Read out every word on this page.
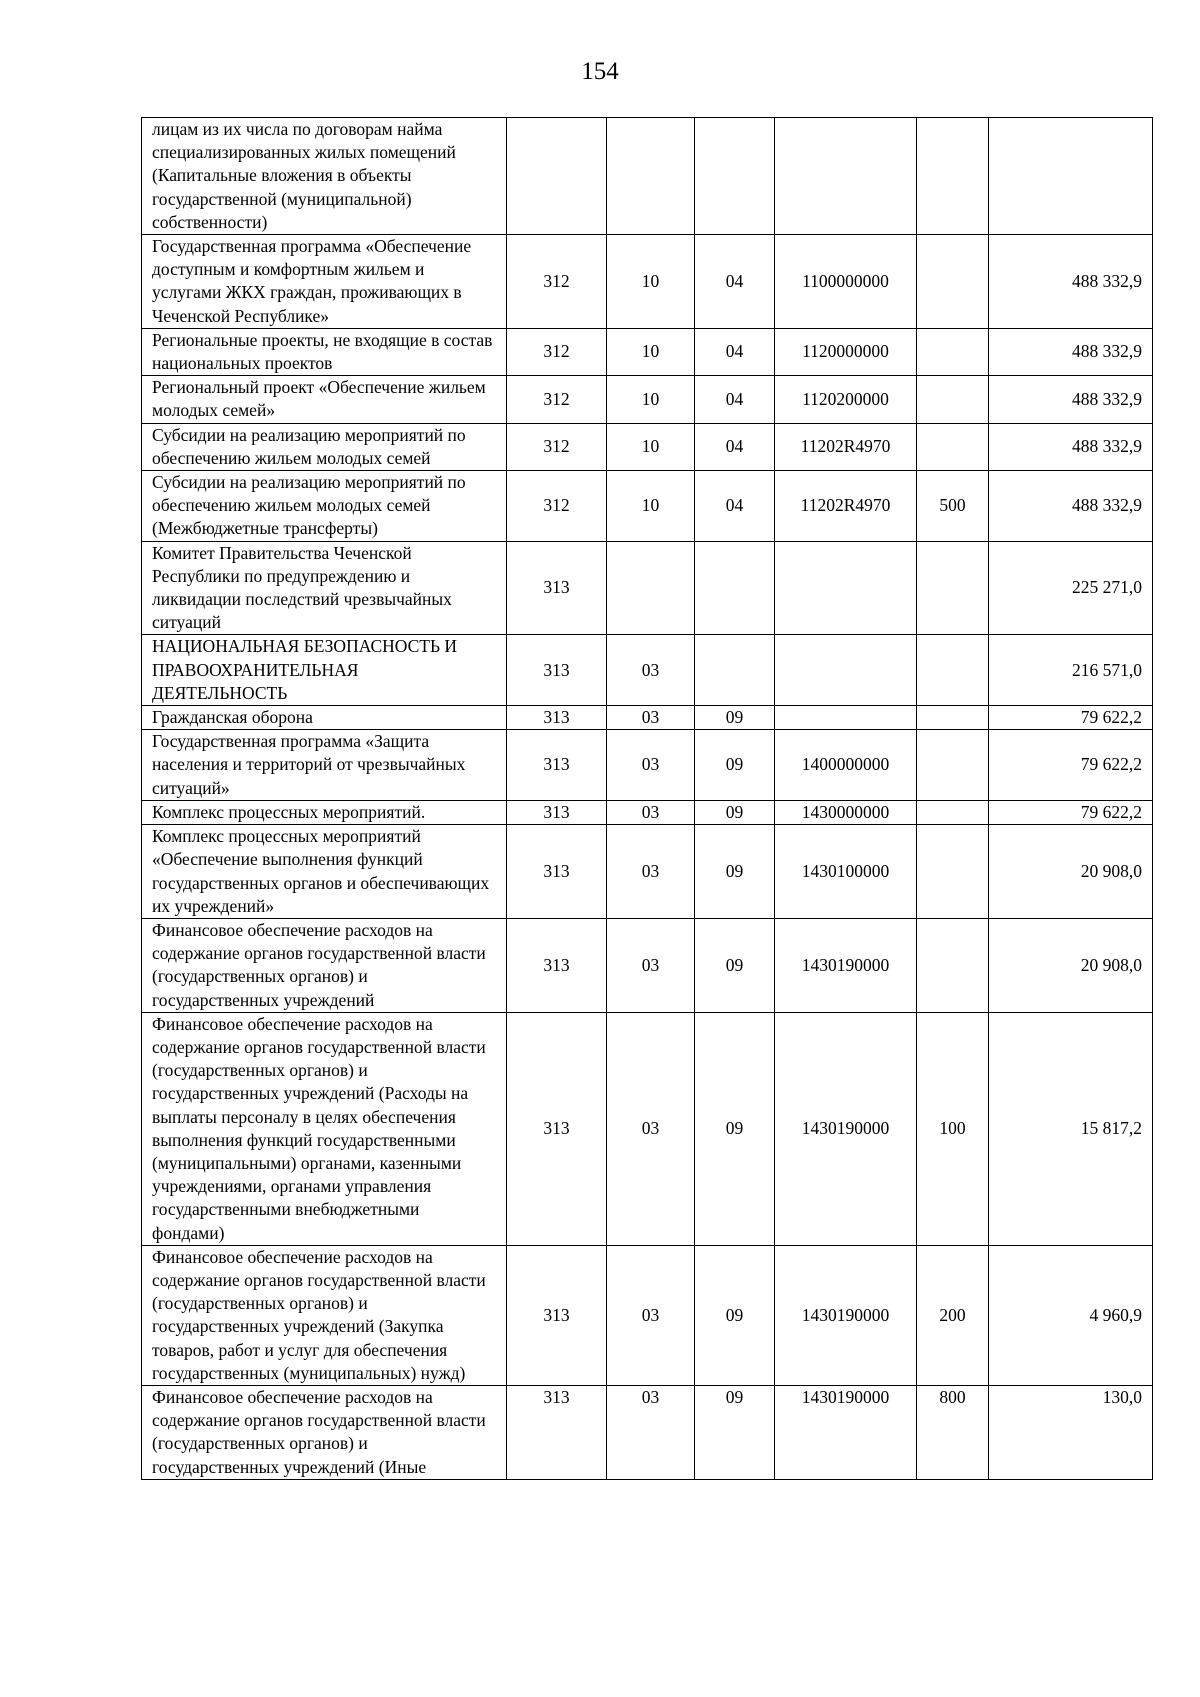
154
лицам из их числа по договорам найма специализированных жилых помещений (Капитальные вложения в объекты государственной (муниципальной) собственности)						
Государственная программа «Обеспечение доступным и комфортным жильем и услугами ЖКХ граждан, проживающих в Чеченской Республике»	312	10	04	1100000000		488 332,9
Региональные проекты, не входящие в состав национальных проектов	312	10	04	1120000000		488 332,9
Региональный проект «Обеспечение жильем молодых семей»	312	10	04	1120200000		488 332,9
Субсидии на реализацию мероприятий по обеспечению жильем молодых семей	312	10	04	11202R4970		488 332,9
Субсидии на реализацию мероприятий по обеспечению жильем молодых семей (Межбюджетные трансферты)	312	10	04	11202R4970	500	488 332,9
Комитет Правительства Чеченской Республики по предупреждению и ликвидации последствий чрезвычайных ситуаций	313					225 271,0
НАЦИОНАЛЬНАЯ БЕЗОПАСНОСТЬ И ПРАВООХРАНИТЕЛЬНАЯ ДЕЯТЕЛЬНОСТЬ	313	03				216 571,0
Гражданская оборона	313	03	09			79 622,2
Государственная программа «Защита населения и территорий от чрезвычайных ситуаций»	313	03	09	1400000000		79 622,2
Комплекс процессных мероприятий.	313	03	09	1430000000		79 622,2
Комплекс процессных мероприятий «Обеспечение выполнения функций государственных органов и обеспечивающих их учреждений»	313	03	09	1430100000		20 908,0
Финансовое обеспечение расходов на содержание органов государственной власти (государственных органов) и государственных учреждений	313	03	09	1430190000		20 908,0
Финансовое обеспечение расходов на содержание органов государственной власти (государственных органов) и государственных учреждений (Расходы на выплаты персоналу в целях обеспечения выполнения функций государственными (муниципальными) органами, казенными учреждениями, органами управления государственными внебюджетными фондами)	313	03	09	1430190000	100	15 817,2
Финансовое обеспечение расходов на содержание органов государственной власти (государственных органов) и государственных учреждений (Закупка товаров, работ и услуг для обеспечения государственных (муниципальных) нужд)	313	03	09	1430190000	200	4 960,9
Финансовое обеспечение расходов на содержание органов государственной власти (государственных органов) и государственных учреждений (Иные	313	03	09	1430190000	800	130,0
